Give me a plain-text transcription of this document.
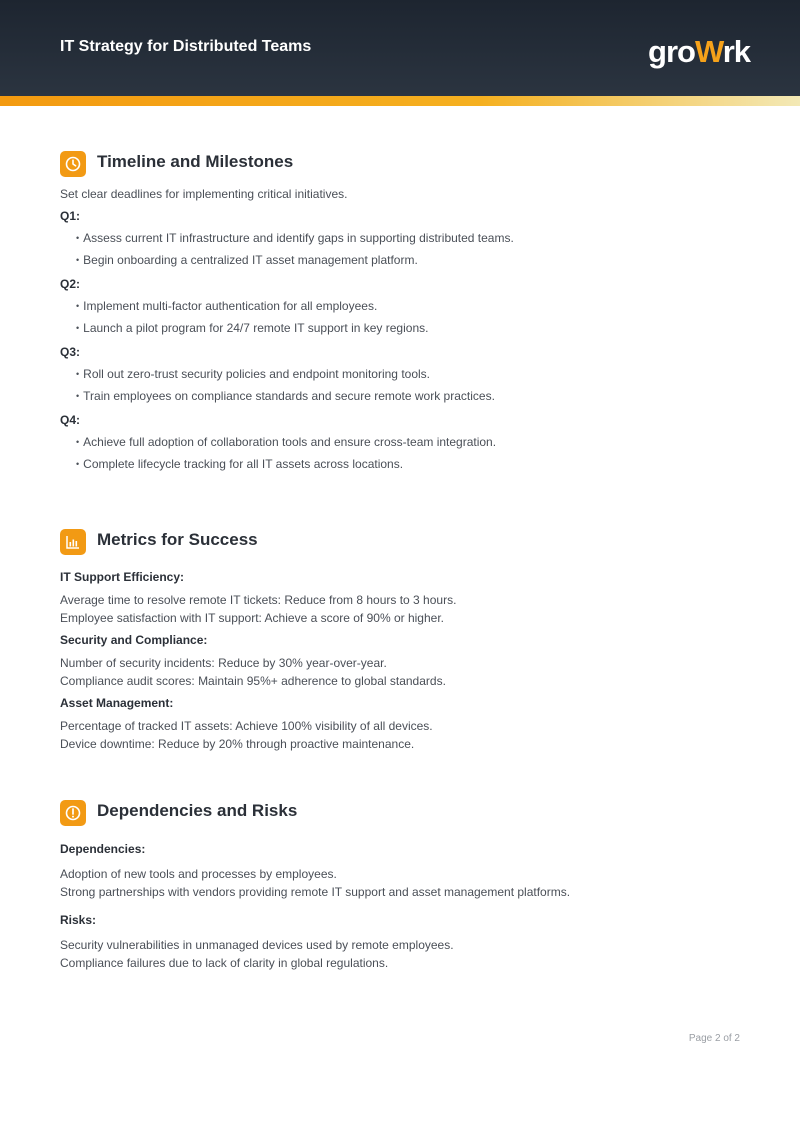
IT Strategy for Distributed Teams	groWrk
Timeline and Milestones

Set clear deadlines for implementing critical initiatives.

Q1:

• Assess current IT infrastructure and identify gaps in supporting distributed teams.

• Begin onboarding a centralized IT asset management platform.

Q2:

• Implement multi-factor authentication for all employees.

• Launch a pilot program for 24/7 remote IT support in key regions.

Q3:

• Roll out zero-trust security policies and endpoint monitoring tools.

• Train employees on compliance standards and secure remote work practices.

Q4:

• Achieve full adoption of collaboration tools and ensure cross-team integration.

• Complete lifecycle tracking for all IT assets across locations.

Metrics for Success

IT Support Efficiency:

Average time to resolve remote IT tickets: Reduce from 8 hours to 3 hours.

Employee satisfaction with IT support: Achieve a score of 90% or higher.

Security and Compliance:

Number of security incidents: Reduce by 30% year-over-year.

Compliance audit scores: Maintain 95%+ adherence to global standards.

Asset Management:

Percentage of tracked IT assets: Achieve 100% visibility of all devices.

Device downtime: Reduce by 20% through proactive maintenance.

Dependencies and Risks

Dependencies:

Adoption of new tools and processes by employees.

Strong partnerships with vendors providing remote IT support and asset management platforms.

Risks:

Security vulnerabilities in unmanaged devices used by remote employees.

Compliance failures due to lack of clarity in global regulations.

Page 2 of 2
